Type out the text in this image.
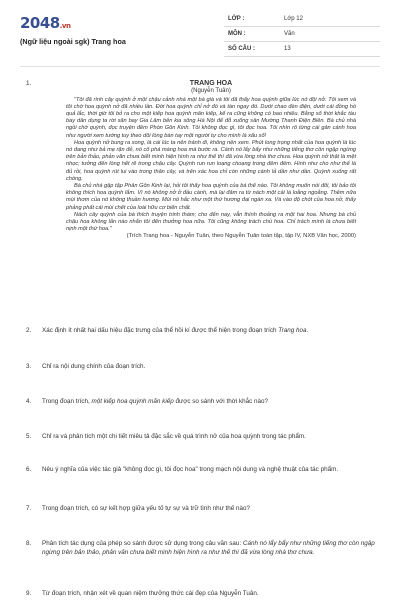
2048.vn
(Ngữ liệu ngoài sgk) Trang hoa
LỚP :	Lớp 12
MÔN :	Văn
SỐ CÂU :	13
1.	TRANG HOA
(Nguyễn Tuân)
"Tôi đã rình cây quỳnh ở một chậu cảnh nhà một bà già và tôi đã thấy hoa quỳnh giữa lúc nó đội nở. Tôi xem và tôi chờ hoa quỳnh nở đã nhiều lần. Đời hoa quỳnh chỉ nở đó và tàn ngay đó. Dưới chao đèn điện, dưới cái đồng hồ quả lắc, thời giờ tôi bỏ ra cho một kiếp hoa quỳnh mãn kiếp, kể ra cũng không có bao nhiêu. Bằng số thời khắc tàu bay dân dụng ta rời sân bay Gia Lâm bên kia sông Hà Nội để đỗ xuống sân Mường Thanh Điện Biên. Bà chủ nhà ngồi chờ quỳnh, đọc truyện đêm Phòn Gôn Kinh. Tôi không đọc gì, tôi đọc hoa. Tôi nhìn rõ từng cái gân cánh hoa như người xem tướng tuy theo dõi lòng bàn tay một người tự cho mình là xấu số!
Hoa quỳnh nở bung ra xong, là cái lúc ta nên tránh đi, không nên xem. Phút long trọng nhất của hoa quỳnh là lúc nó đang như bả mẹ rặn đẻ, nó cố phá màng hoa mà bước ra. Cánh nó lẩy bẩy như những tiếng thơ côn ngập ngừng trên bản thảo, phản văn chưa biết mình hiện hình ra như thế thì đã vừa lòng nhà thơ chưa. Hoa quỳnh nở thật là mệt nhọc; tưởng đến lòng hết rẽ trong chậu cây. Quỳnh run run loạng choạng trong đêm đêm. Hình như cho như thế là đủ rồi, hoa quỳnh rút lui vào trong thân cây, và trên xác hoa chỉ còn những cánh lả dần như dần. Quỳnh xuống rất chóng.
Bà chủ nhà gập tập Phân Gôn Kinh lại, hỏi tôi thấy hoa quỳnh của bà thế nào. Tôi không muốn nói đối, tôi bảo tôi không thích hoa quỳnh lắm. Vì nó không nở ở đầu cành, mà lại đâm ra từ nách một cái lá loằng ngoằng. Thêm nữa mùi thơm của nó không thuần hương. Mùi nó hắc như một thứ hương đại ngàn xa. Và vào độ chót của hoa nở, thấy phảng phất cái mùi chết của loài hữu cơ biến chất.
Nách cây quỳnh của bà thích truyện trinh thám; cho đến nay, vẫn thính thoảng ra một hai hoa. Nhưng bà chủ chậu hoa không lấn nào nhắn tôi đến thưởng hoa nữa. Tôi cũng không trách chủ hoa. Chỉ trách mình là chưa biết nịnh một thứ hoa."
(Trích Trang hoa - Nguyễn Tuân, theo Nguyễn Tuân toàn tập, tập IV, NXB Văn học, 2000)
2. Xác định ít nhất hai dấu hiệu đặc trưng của thể hồi kí được thể hiện trong đoạn trích Trang hoa.
3. Chỉ ra nội dung chính của đoạn trích.
4. Trong đoạn trích, một kiếp hoa quỳnh mãn kiếp được so sánh với thời khắc nào?
5. Chỉ ra và phân tích một chi tiết miêu tả đặc sắc về quá trình nở của hoa quỳnh trong tác phẩm.
6. Nêu ý nghĩa của việc tác giả "không đọc gì, tôi đọc hoa" trong mạch nội dung và nghệ thuật của tác phẩm.
7. Trong đoạn trích, có sự kết hợp giữa yếu tố tự sự và trữ tình như thế nào?
8. Phân tích tác dụng của phép so sánh được sử dụng trong câu văn sau: Cánh nó lẩy bẩy như những tiếng thơ còn ngập ngừng trên bản thảo, phản văn chưa biết mình hiện hình ra như thế thì đã vừa lòng nhà thơ chưa.
9. Từ đoạn trích, nhận xét về quan niệm thưởng thức cái đẹp của Nguyễn Tuân.
